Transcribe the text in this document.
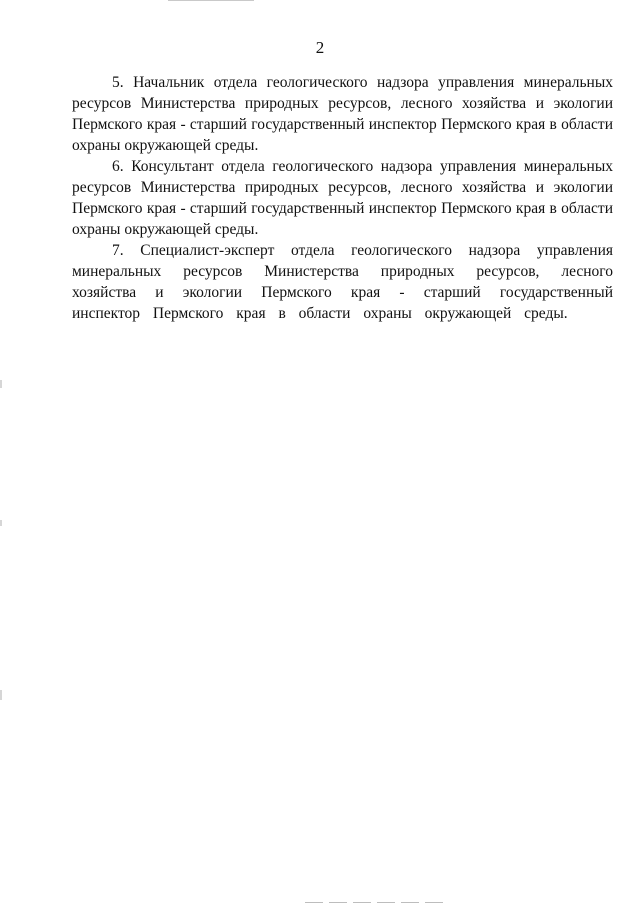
2

5. Начальник отдела геологического надзора управления минеральных ресурсов Министерства природных ресурсов, лесного хозяйства и экологии Пермского края - старший государственный инспектор Пермского края в области охраны окружающей среды.

6. Консультант отдела геологического надзора управления минеральных ресурсов Министерства природных ресурсов, лесного хозяйства и экологии Пермского края - старший государственный инспектор Пермского края в области охраны окружающей среды.

7. Специалист-эксперт отдела геологического надзора управления минеральных ресурсов Министерства природных ресурсов, лесного хозяйства и экологии Пермского края - старший государственный инспектор Пермского края в области охраны окружающей среды.
